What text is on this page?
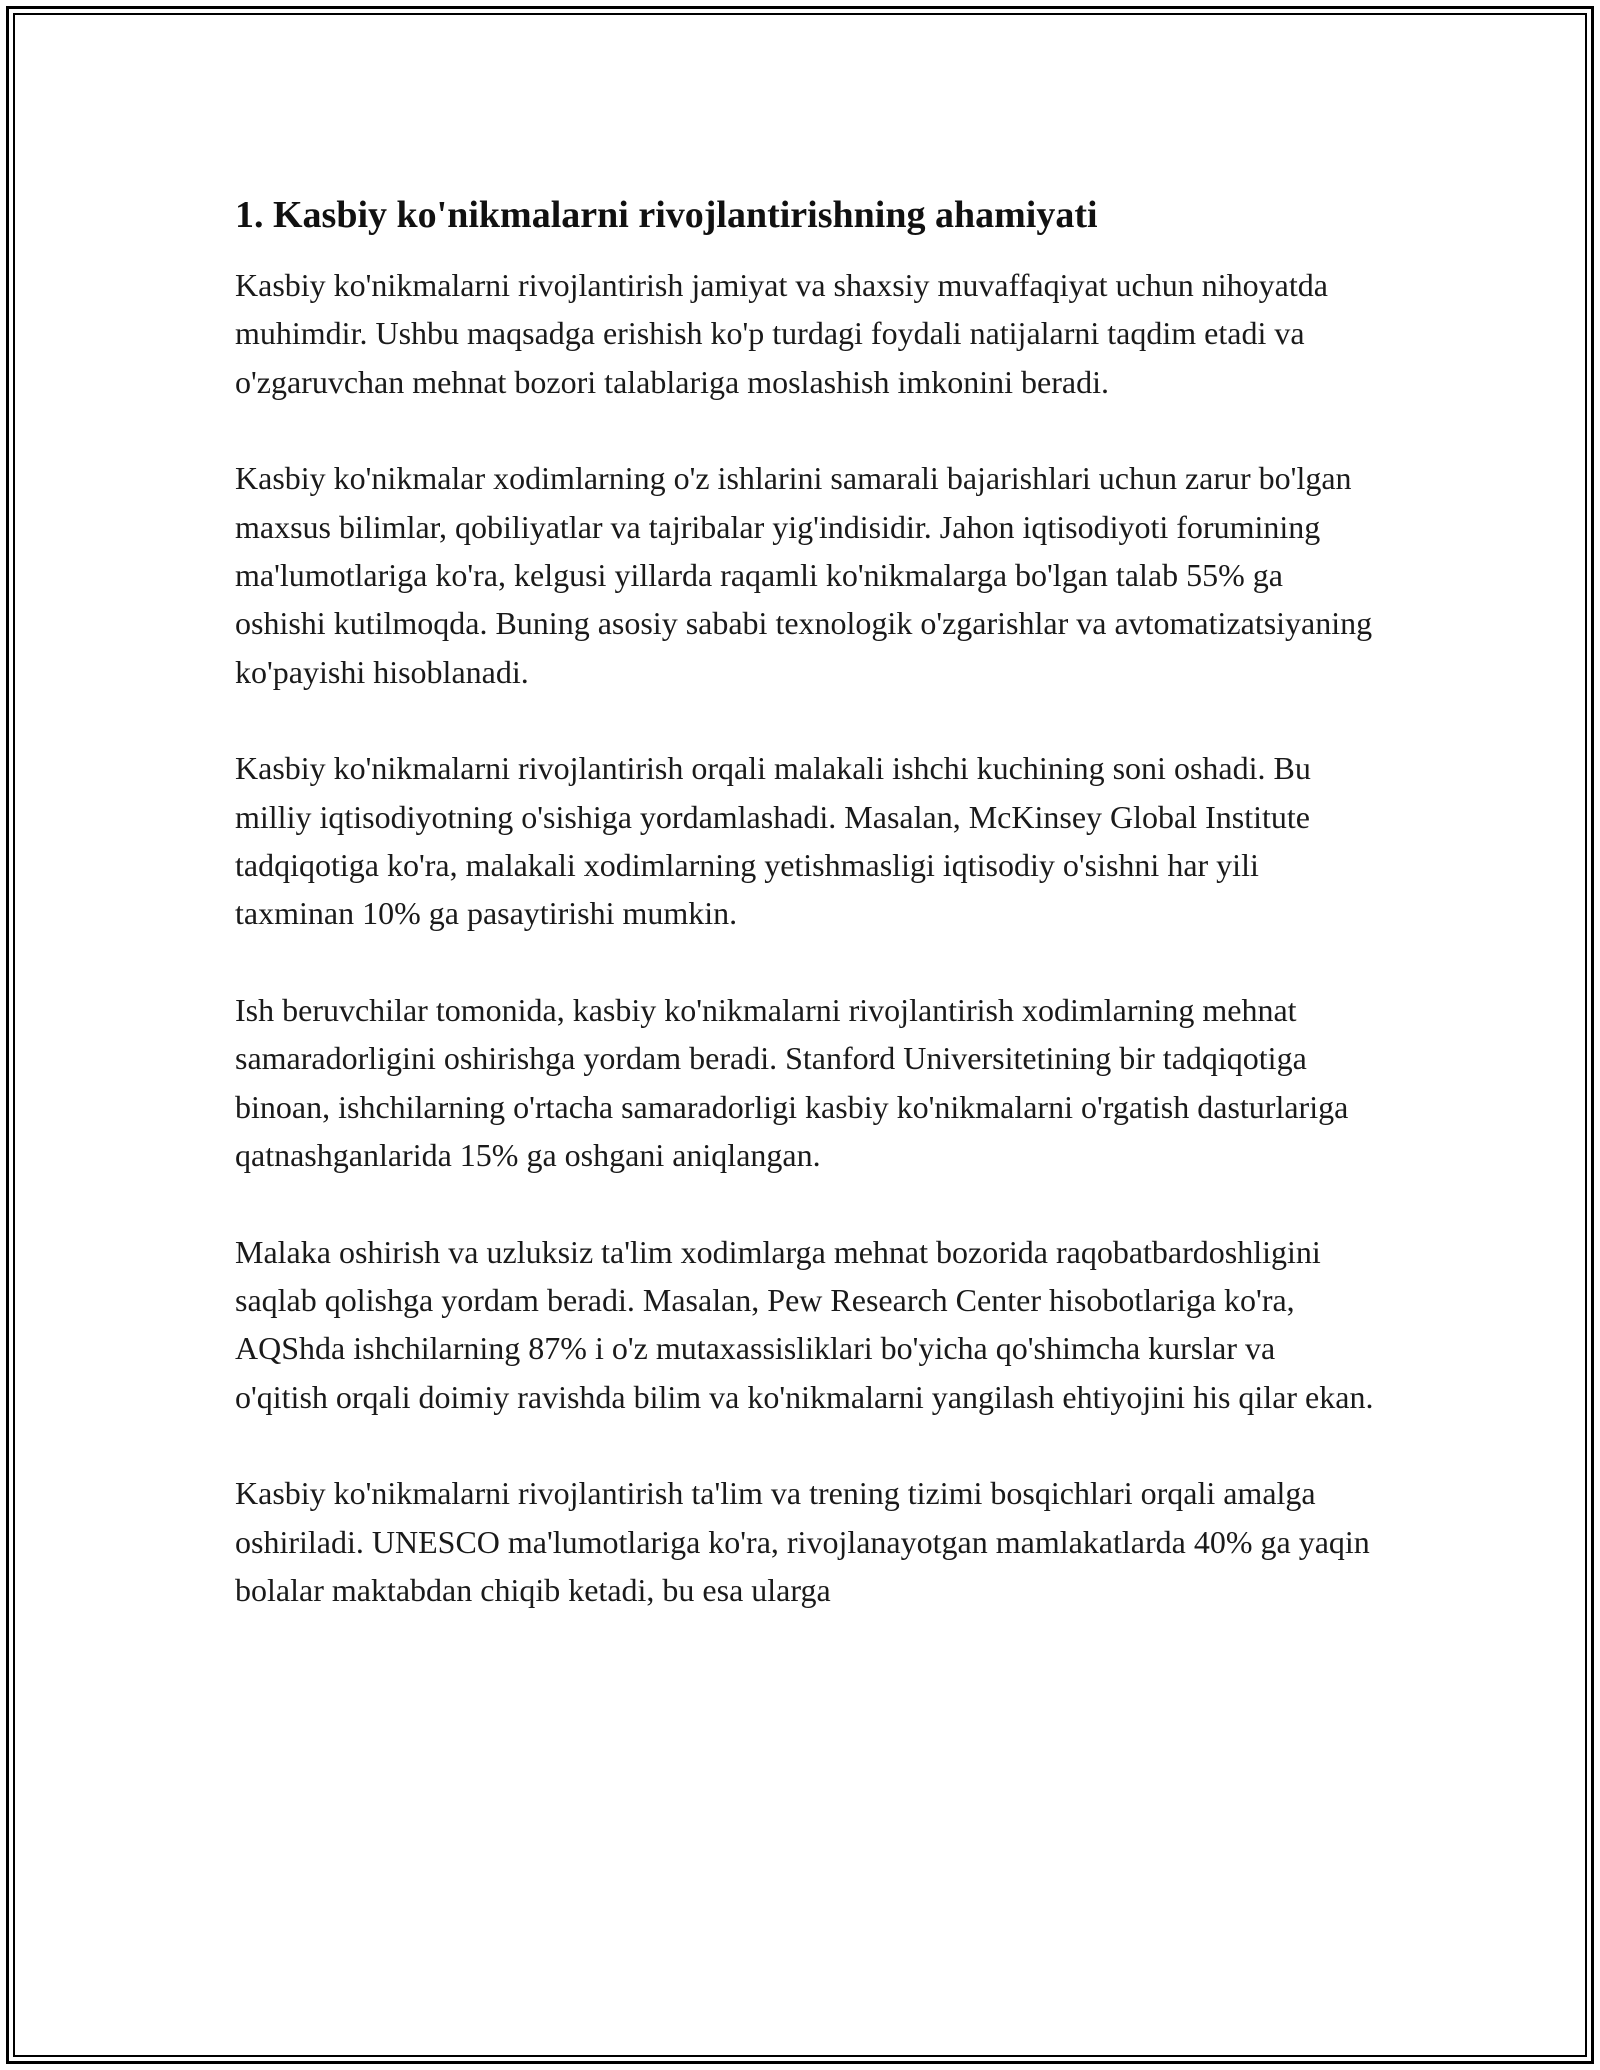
1. Kasbiy ko'nikmalarni rivojlantirishning ahamiyati

Kasbiy ko'nikmalarni rivojlantirish jamiyat va shaxsiy muvaffaqiyat uchun nihoyatda muhimdir. Ushbu maqsadga erishish ko'p turdagi foydali natijalarni taqdim etadi va o'zgaruvchan mehnat bozori talablariga moslashish imkonini beradi.

Kasbiy ko'nikmalar xodimlarning o'z ishlarini samarali bajarishlari uchun zarur bo'lgan maxsus bilimlar, qobiliyatlar va tajribalar yig'indisidir. Jahon iqtisodiyoti forumining ma'lumotlariga ko'ra, kelgusi yillarda raqamli ko'nikmalarga bo'lgan talab 55% ga oshishi kutilmoqda. Buning asosiy sababi texnologik o'zgarishlar va avtomatizatsiyaning ko'payishi hisoblanadi.

Kasbiy ko'nikmalarni rivojlantirish orqali malakali ishchi kuchining soni oshadi. Bu milliy iqtisodiyotning o'sishiga yordamlashadi. Masalan, McKinsey Global Institute tadqiqotiga ko'ra, malakali xodimlarning yetishmasligi iqtisodiy o'sishni har yili taxminan 10% ga pasaytirishi mumkin.

Ish beruvchilar tomonida, kasbiy ko'nikmalarni rivojlantirish xodimlarning mehnat samaradorligini oshirishga yordam beradi. Stanford Universitetining bir tadqiqotiga binoan, ishchilarning o'rtacha samaradorligi kasbiy ko'nikmalarni o'rgatish dasturlariga qatnashganlarida 15% ga oshgani aniqlangan.

Malaka oshirish va uzluksiz ta'lim xodimlarga mehnat bozorida raqobatbardoshligini saqlab qolishga yordam beradi. Masalan, Pew Research Center hisobotlariga ko'ra, AQShda ishchilarning 87% i o'z mutaxassisliklari bo'yicha qo'shimcha kurslar va o'qitish orqali doimiy ravishda bilim va ko'nikmalarni yangilash ehtiyojini his qilar ekan.

Kasbiy ko'nikmalarni rivojlantirish ta'lim va trening tizimi bosqichlari orqali amalga oshiriladi. UNESCO ma'lumotlariga ko'ra, rivojlanayotgan mamlakatlarda 40% ga yaqin bolalar maktabdan chiqib ketadi, bu esa ularga
